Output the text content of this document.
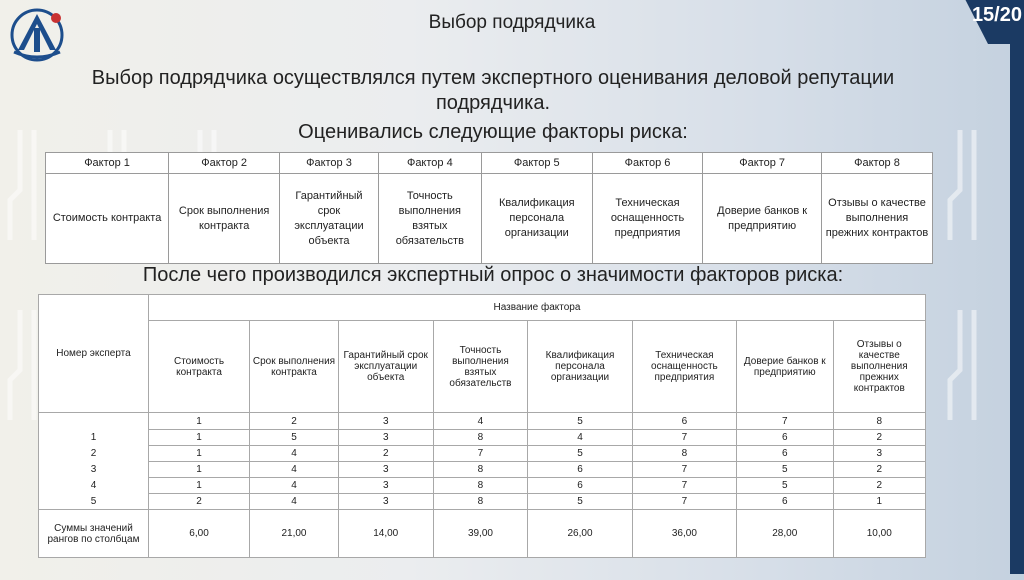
15/20
Выбор подрядчика
Выбор подрядчика осуществлялся путем экспертного оценивания деловой репутации
подрядчика.
Оценивались следующие факторы риска:
Фактор 1	Фактор 2	Фактор 3	Фактор 4	Фактор 5	Фактор 6	Фактор 7	Фактор 8
Стоимость контракта	Срок выполнения контракта	Гарантийный срок эксплуатации объекта	Точность выполнения взятых обязательств	Квалификация персонала организации	Техническая оснащенность предприятия	Доверие банков к предприятию	Отзывы о качестве выполнения прежних контрактов
После чего производился экспертный опрос о значимости факторов риска:
Номер эксперта	Название фактора							
	Стоимость контракта	Срок выполнения контракта	Гарантийный срок эксплуатации объекта	Точность выполнения взятых обязательств	Квалификация персонала организации	Техническая оснащенность предприятия	Доверие банков к предприятию	Отзывы о качестве выполнения прежних контрактов
	1	2	3	4	5	6	7	8
1	1	5	3	8	4	7	6	2
2	1	4	2	7	5	8	6	3
3	1	4	3	8	6	7	5	2
4	1	4	3	8	6	7	5	2
5	2	4	3	8	5	7	6	1
Суммы значений рангов по столбцам	6,00	21,00	14,00	39,00	26,00	36,00	28,00	10,00
